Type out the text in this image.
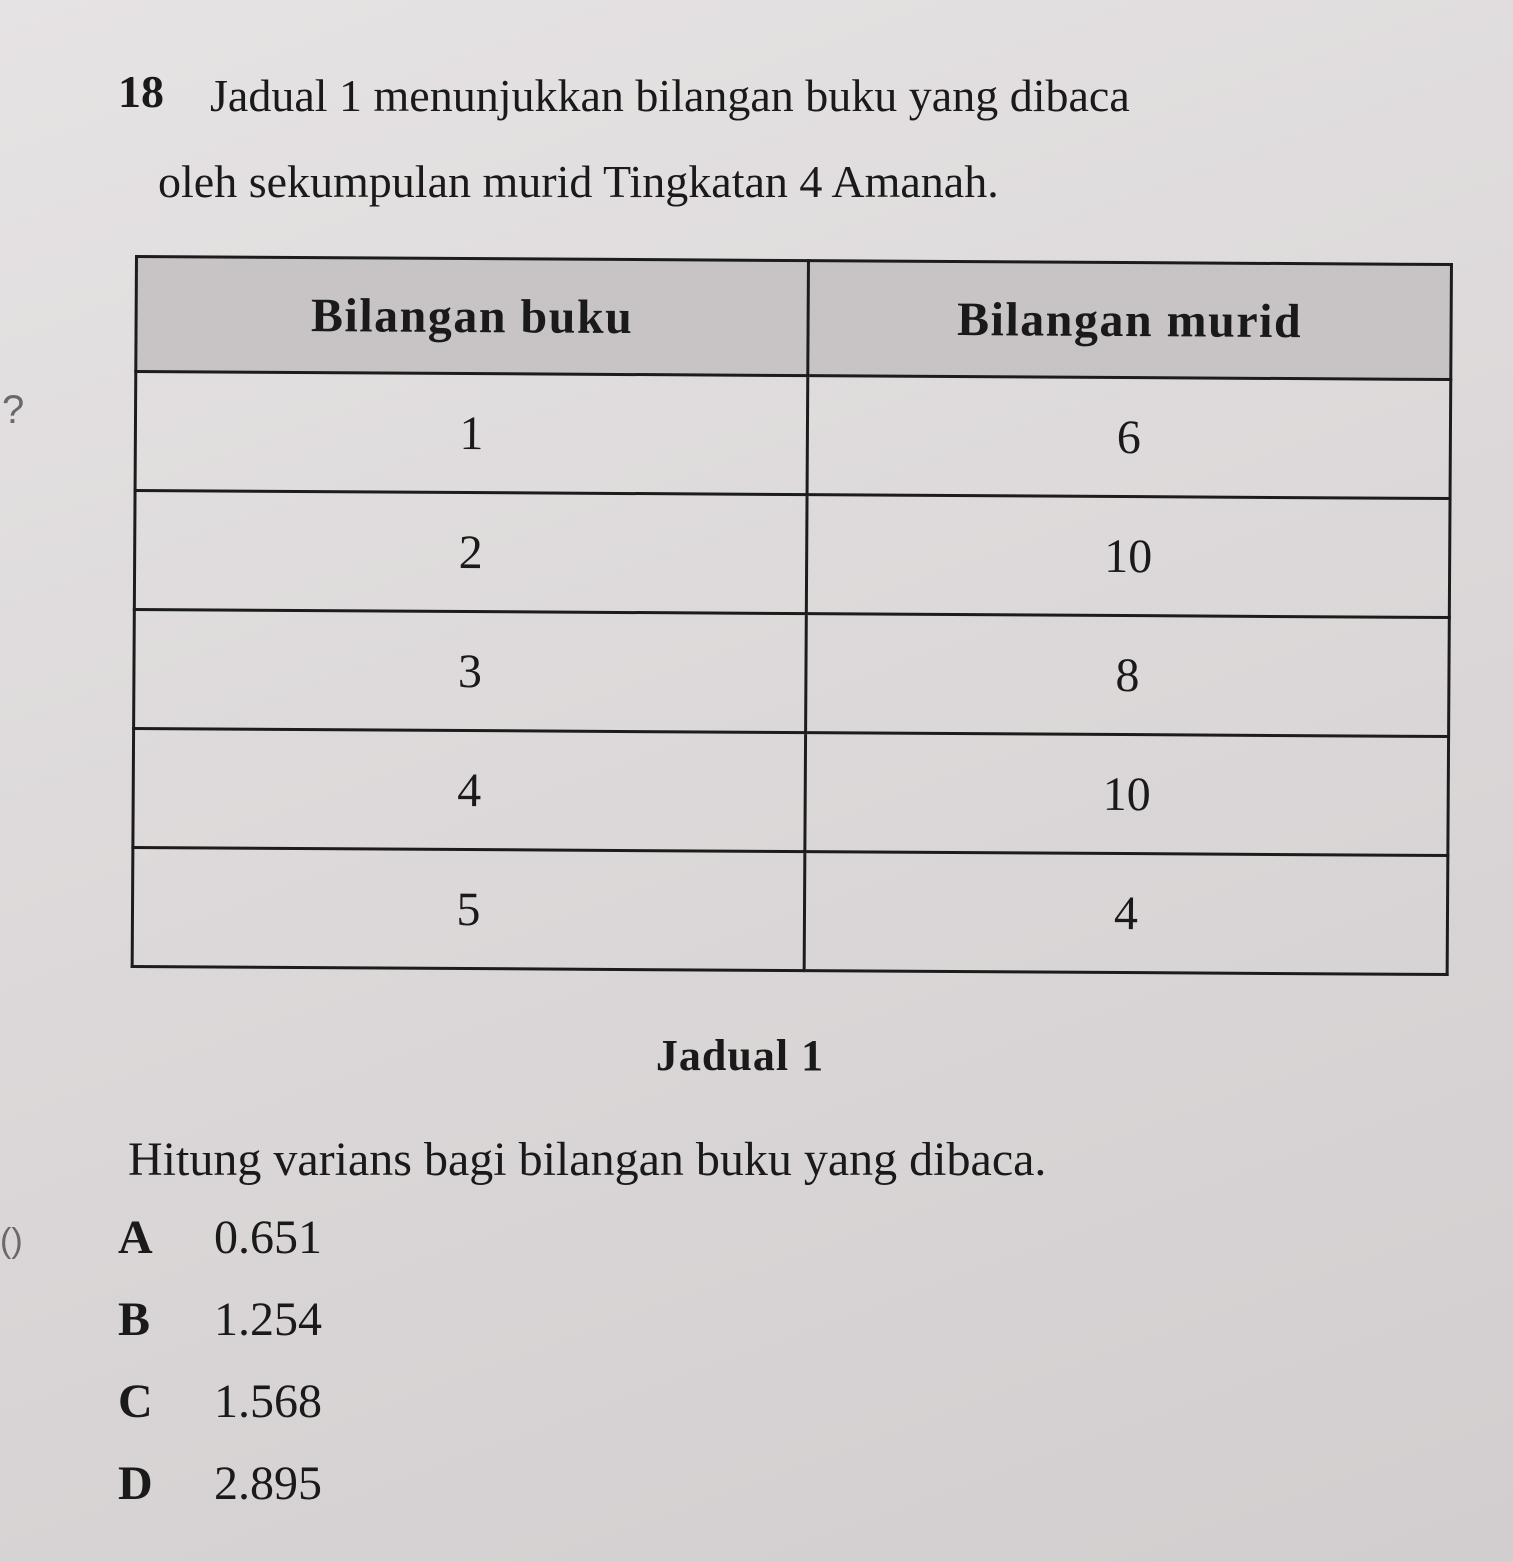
18 Jadual 1 menunjukkan bilangan buku yang dibaca
oleh sekumpulan murid Tingkatan 4 Amanah.
?
()
Bilangan buku	Bilangan murid
1	6
2	10
3	8
4	10
5	4
Jadual 1
Hitung varians bagi bilangan buku yang dibaca.
A 0.651
B 1.254
C 1.568
D 2.895
